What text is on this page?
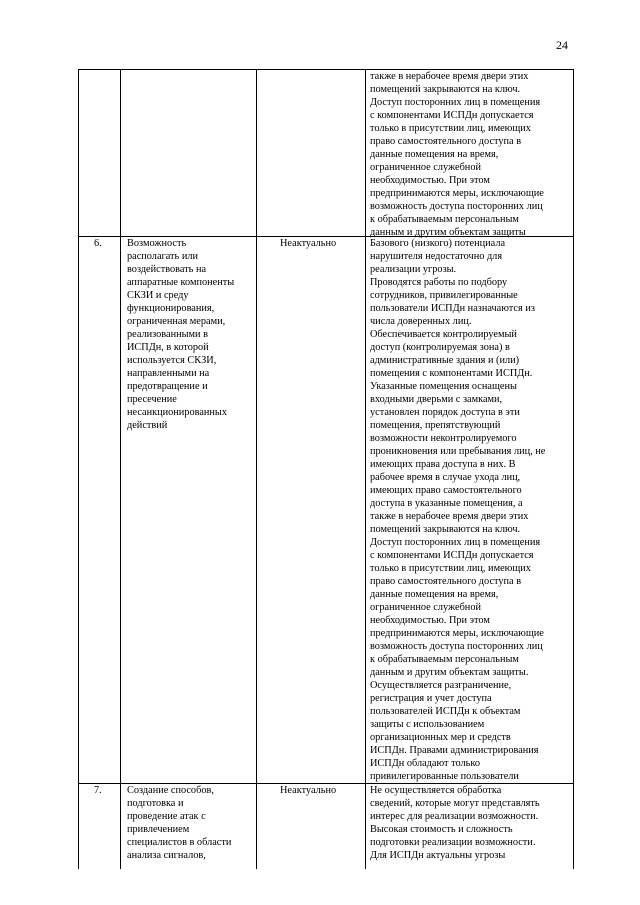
24
также в нерабочее время двери этих
помещений закрываются на ключ.
Доступ посторонних лиц в помещения
с компонентами ИСПДн допускается
только в присутствии лиц, имеющих
право самостоятельного доступа в
данные помещения на время,
ограниченное служебной
необходимостью. При этом
предпринимаются меры, исключающие
возможность доступа посторонних лиц
к обрабатываемым персональным
данным и другим объектам защиты
6. Возможность
располагать или
воздействовать на
аппаратные компоненты
СКЗИ и среду
функционирования,
ограниченная мерами,
реализованными в
ИСПДн, в которой
используется СКЗИ,
направленными на
предотвращение и
пресечение
несанкционированных
действий
Неактуально	Базового (низкого) потенциала
нарушителя недостаточно для
реализации угрозы.
Проводятся работы по подбору
сотрудников, привилегированные
пользователи ИСПДн назначаются из
числа доверенных лиц.
Обеспечивается контролируемый
доступ (контролируемая зона) в
административные здания и (или)
помещения с компонентами ИСПДн.
Указанные помещения оснащены
входными дверьми с замками,
установлен порядок доступа в эти
помещения, препятствующий
возможности неконтролируемого
проникновения или пребывания лиц, не
имеющих права доступа в них. В
рабочее время в случае ухода лиц,
имеющих право самостоятельного
доступа в указанные помещения, а
также в нерабочее время двери этих
помещений закрываются на ключ.
Доступ посторонних лиц в помещения
с компонентами ИСПДн допускается
только в присутствии лиц, имеющих
право самостоятельного доступа в
данные помещения на время,
ограниченное служебной
необходимостью. При этом
предпринимаются меры, исключающие
возможность доступа посторонних лиц
к обрабатываемым персональным
данным и другим объектам защиты.
Осуществляется разграничение,
регистрация и учет доступа
пользователей ИСПДн к объектам
защиты с использованием
организационных мер и средств
ИСПДн. Правами администрирования
ИСПДн обладают только
привилегированные пользователи
7. Создание способов,
подготовка и
проведение атак с
привлечением
специалистов в области
анализа сигналов,
Неактуально	Не осуществляется обработка
сведений, которые могут представлять
интерес для реализации возможности.
Высокая стоимость и сложность
подготовки реализации возможности.
Для ИСПДн актуальны угрозы
